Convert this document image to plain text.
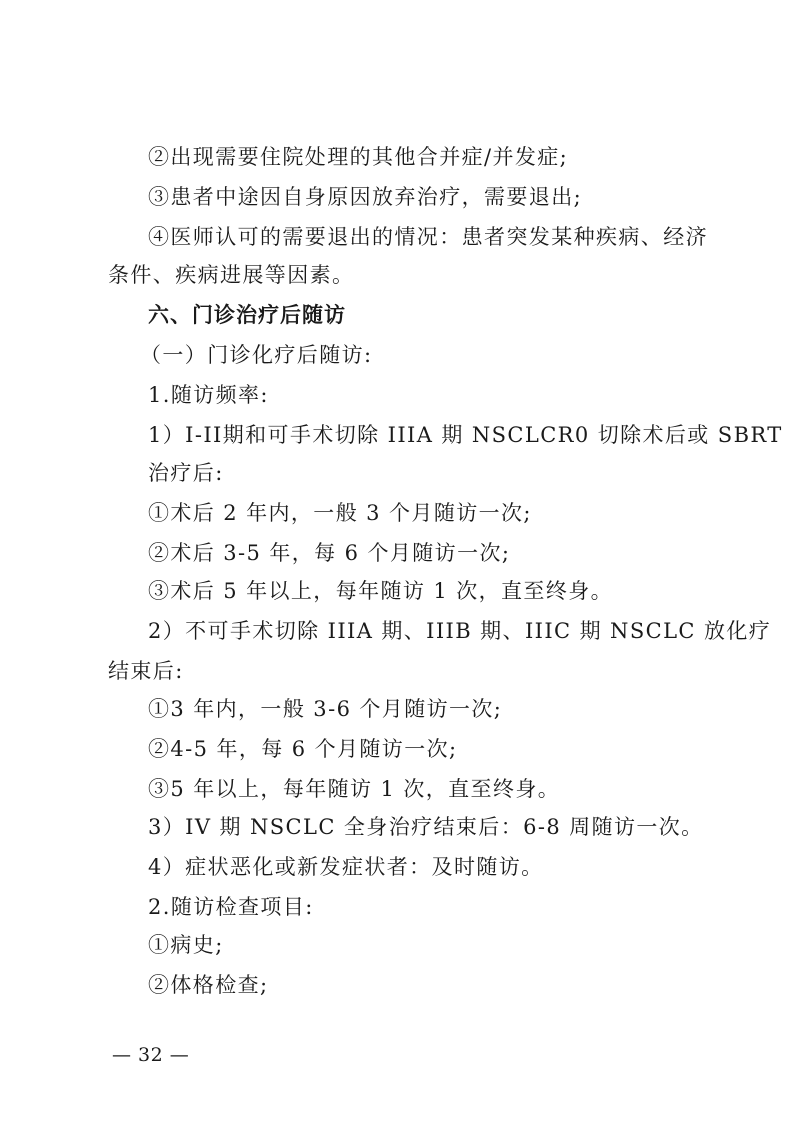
②出现需要住院处理的其他合并症/并发症;
③患者中途因自身原因放弃治疗，需要退出;
④医师认可的需要退出的情况：患者突发某种疾病、经济
条件、疾病进展等因素。
六、门诊治疗后随访
（一）门诊化疗后随访:
1.随访频率:
1）I-II期和可手术切除 IIIA 期 NSCLCR0 切除术后或 SBRT
治疗后:
①术后 2 年内，一般 3 个月随访一次;
②术后 3-5 年，每 6 个月随访一次;
③术后 5 年以上，每年随访 1 次，直至终身。
2）不可手术切除 IIIA 期、IIIB 期、IIIC 期 NSCLC 放化疗
结束后:
①3 年内，一般 3-6 个月随访一次;
②4-5 年，每 6 个月随访一次;
③5 年以上，每年随访 1 次，直至终身。
3）IV 期 NSCLC 全身治疗结束后：6-8 周随访一次。
4）症状恶化或新发症状者：及时随访。
2.随访检查项目:
①病史;
②体格检查;
— 32 —
